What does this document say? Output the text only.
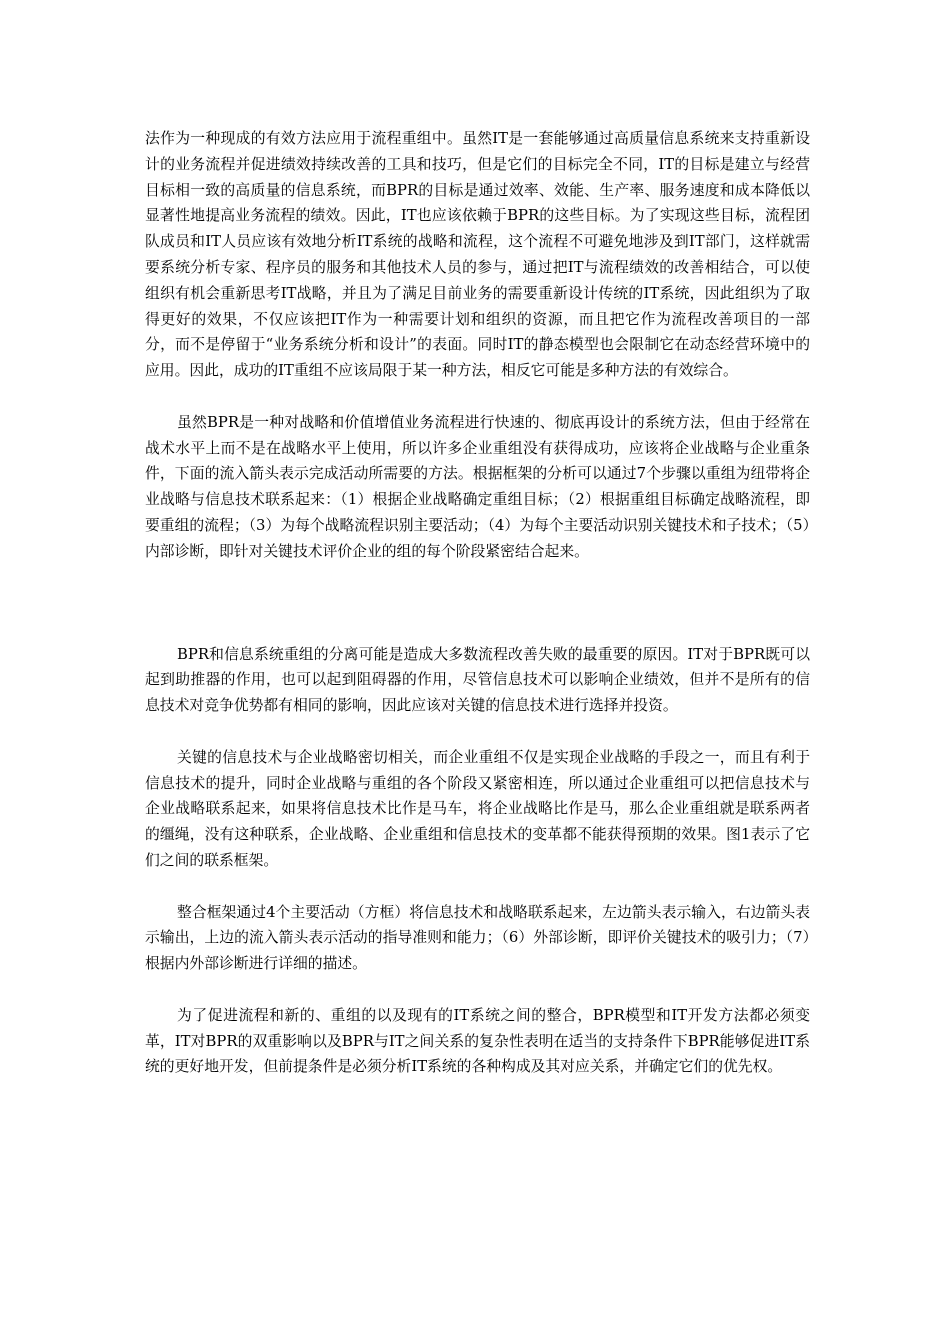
法作为一种现成的有效方法应用于流程重组中。虽然IT是一套能够通过高质量信息系统来支持重新设计的业务流程并促进绩效持续改善的工具和技巧，但是它们的目标完全不同，IT的目标是建立与经营目标相一致的高质量的信息系统，而BPR的目标是通过效率、效能、生产率、服务速度和成本降低以显著性地提高业务流程的绩效。因此，IT也应该依赖于BPR的这些目标。为了实现这些目标，流程团队成员和IT人员应该有效地分析IT系统的战略和流程，这个流程不可避免地涉及到IT部门，这样就需要系统分析专家、程序员的服务和其他技术人员的参与，通过把IT与流程绩效的改善相结合，可以使组织有机会重新思考IT战略，并且为了满足目前业务的需要重新设计传统的IT系统，因此组织为了取得更好的效果，不仅应该把IT作为一种需要计划和组织的资源，而且把它作为流程改善项目的一部分，而不是停留于“业务系统分析和设计”的表面。同时IT的静态模型也会限制它在动态经营环境中的应用。因此，成功的IT重组不应该局限于某一种方法，相反它可能是多种方法的有效综合。

虽然BPR是一种对战略和价值增值业务流程进行快速的、彻底再设计的系统方法，但由于经常在战术水平上而不是在战略水平上使用，所以许多企业重组没有获得成功，应该将企业战略与企业重条件，下面的流入箭头表示完成活动所需要的方法。根据框架的分析可以通过7个步骤以重组为纽带将企业战略与信息技术联系起来：（1）根据企业战略确定重组目标；（2）根据重组目标确定战略流程，即要重组的流程；（3）为每个战略流程识别主要活动；（4）为每个主要活动识别关键技术和子技术；（5）内部诊断，即针对关键技术评价企业的组的每个阶段紧密结合起来。

BPR和信息系统重组的分离可能是造成大多数流程改善失败的最重要的原因。IT对于BPR既可以起到助推器的作用，也可以起到阻碍器的作用，尽管信息技术可以影响企业绩效，但并不是所有的信息技术对竞争优势都有相同的影响，因此应该对关键的信息技术进行选择并投资。

关键的信息技术与企业战略密切相关，而企业重组不仅是实现企业战略的手段之一，而且有利于信息技术的提升，同时企业战略与重组的各个阶段又紧密相连，所以通过企业重组可以把信息技术与企业战略联系起来，如果将信息技术比作是马车，将企业战略比作是马，那么企业重组就是联系两者的缰绳，没有这种联系，企业战略、企业重组和信息技术的变革都不能获得预期的效果。图1表示了它们之间的联系框架。

整合框架通过4个主要活动（方框）将信息技术和战略联系起来，左边箭头表示输入，右边箭头表示输出，上边的流入箭头表示活动的指导准则和能力；（6）外部诊断，即评价关键技术的吸引力；（7）根据内外部诊断进行详细的描述。

为了促进流程和新的、重组的以及现有的IT系统之间的整合，BPR模型和IT开发方法都必须变革，IT对BPR的双重影响以及BPR与IT之间关系的复杂性表明在适当的支持条件下BPR能够促进IT系统的更好地开发，但前提条件是必须分析IT系统的各种构成及其对应关系，并确定它们的优先权。
